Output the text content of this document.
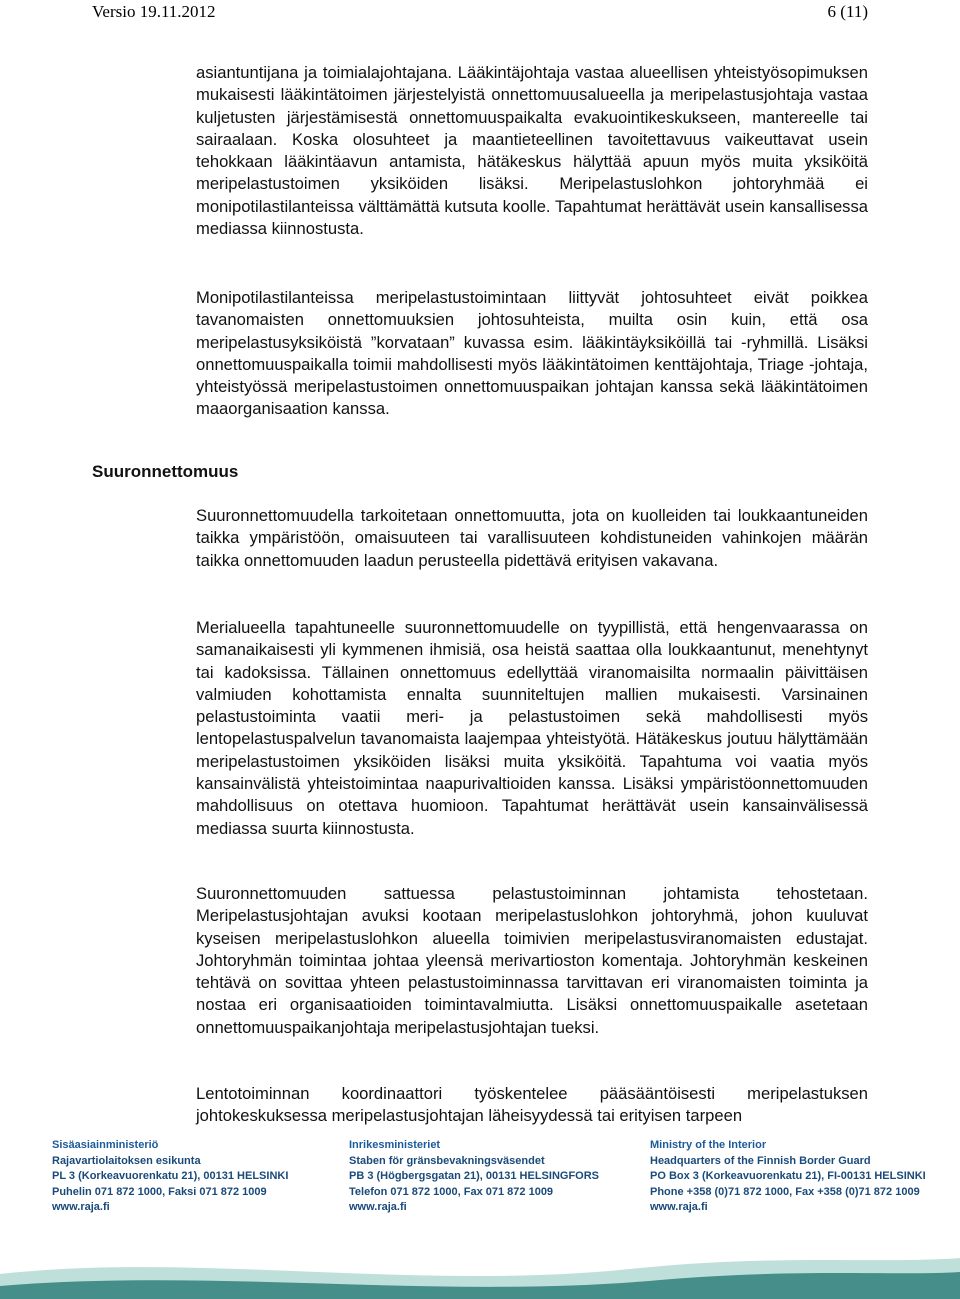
Versio 19.11.2012	6 (11)

asiantuntijana ja toimialajohtajana. Lääkintäjohtaja vastaa alueellisen yhteistyösopimuksen mukaisesti lääkintätoimen järjestelyistä onnettomuusalueella ja meripelastusjohtaja vastaa kuljetusten järjestämisestä onnettomuuspaikalta evakuointikeskukseen, mantereelle tai sairaalaan. Koska olosuhteet ja maantieteellinen tavoitettavuus vaikeuttavat usein tehokkaan lääkintäavun antamista, hätäkeskus hälyttää apuun myös muita yksiköitä meripelastustoimen yksiköiden lisäksi. Meripelastuslohkon johtoryhmää ei monipotilastilanteissa välttämättä kutsuta koolle. Tapahtumat herättävät usein kansallisessa mediassa kiinnostusta.

Monipotilastilanteissa meripelastustoimintaan liittyvät johtosuhteet eivät poikkea tavanomaisten onnettomuuksien johtosuhteista, muilta osin kuin, että osa meripelastusyksiköistä ”korvataan” kuvassa esim. lääkintäyksiköillä tai -ryhmillä. Lisäksi onnettomuuspaikalla toimii mahdollisesti myös lääkintätoimen kenttäjohtaja, Triage -johtaja, yhteistyössä meripelastustoimen onnettomuuspaikan johtajan kanssa sekä lääkintätoimen maaorganisaation kanssa.

Suuronnettomuus

Suuronnettomuudella tarkoitetaan onnettomuutta, jota on kuolleiden tai loukkaantuneiden taikka ympäristöön, omaisuuteen tai varallisuuteen kohdistuneiden vahinkojen määrän taikka onnettomuuden laadun perusteella pidettävä erityisen vakavana.

Merialueella tapahtuneelle suuronnettomuudelle on tyypillistä, että hengenvaarassa on samanaikaisesti yli kymmenen ihmisiä, osa heistä saattaa olla loukkaantunut, menehtynyt tai kadoksissa. Tällainen onnettomuus edellyttää viranomaisilta normaalin päivittäisen valmiuden kohottamista ennalta suunniteltujen mallien mukaisesti. Varsinainen pelastustoiminta vaatii meri- ja pelastustoimen sekä mahdollisesti myös lentopelastuspalvelun tavanomaista laajempaa yhteistyötä. Hätäkeskus joutuu hälyttämään meripelastustoimen yksiköiden lisäksi muita yksiköitä. Tapahtuma voi vaatia myös kansainvälistä yhteistoimintaa naapurivaltioiden kanssa. Lisäksi ympäristöonnettomuuden mahdollisuus on otettava huomioon. Tapahtumat herättävät usein kansainvälisessä mediassa suurta kiinnostusta.

Suuronnettomuuden sattuessa pelastustoiminnan johtamista tehostetaan. Meripelastusjohtajan avuksi kootaan meripelastuslohkon johtoryhmä, johon kuuluvat kyseisen meripelastuslohkon alueella toimivien meripelastusviranomaisten edustajat. Johtoryhmän toimintaa johtaa yleensä merivartioston komentaja. Johtoryhmän keskeinen tehtävä on sovittaa yhteen pelastustoiminnassa tarvittavan eri viranomaisten toiminta ja nostaa eri organisaatioiden toimintavalmiutta. Lisäksi onnettomuuspaikalle asetetaan onnettomuuspaikanjohtaja meripelastusjohtajan tueksi.

Lentotoiminnan koordinaattori työskentelee pääsääntöisesti meripelastuksen johtokeskuksessa meripelastusjohtajan läheisyydessä tai erityisen tarpeen

Sisäasiainministeriö
Rajavartiolaitoksen esikunta
PL 3 (Korkeavuorenkatu 21), 00131 HELSINKI
Puhelin 071 872 1000, Faksi 071 872 1009
www.raja.fi
Inrikesministeriet
Staben för gränsbevakningsväsendet
PB 3 (Högbergsgatan 21), 00131 HELSINGFORS
Telefon 071 872 1000, Fax 071 872 1009
www.raja.fi
Ministry of the Interior
Headquarters of the Finnish Border Guard
PO Box 3 (Korkeavuorenkatu 21), FI-00131 HELSINKI
Phone +358 (0)71 872 1000, Fax +358 (0)71 872 1009
www.raja.fi
